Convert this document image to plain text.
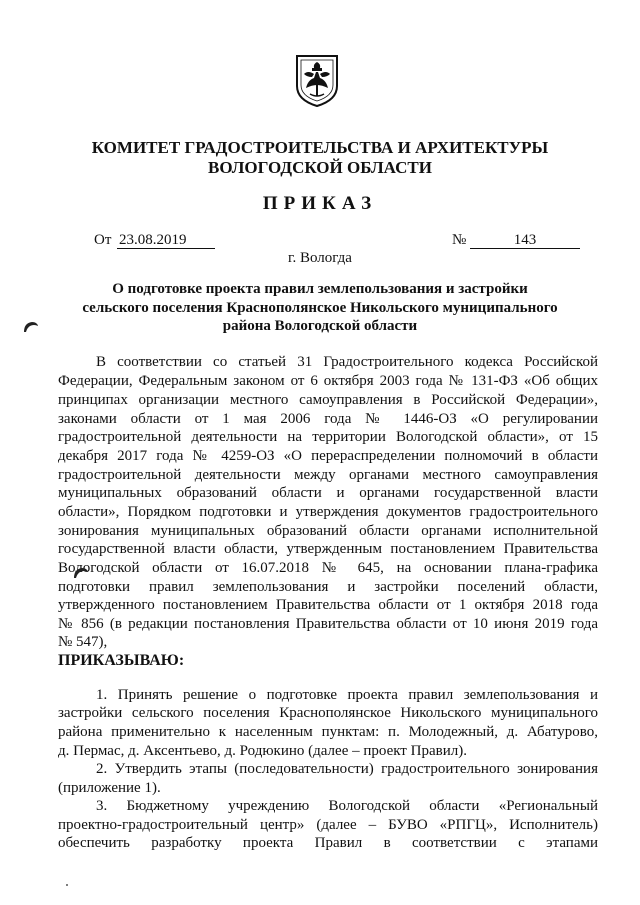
КОМИТЕТ ГРАДОСТРОИТЕЛЬСТВА И АРХИТЕКТУРЫ
ВОЛОГОДСКОЙ ОБЛАСТИ
ПРИКАЗ
От 23.08.2019	№	143
г. Вологда
О подготовке проекта правил землепользования и застройки
сельского поселения Краснополянское Никольского муниципального
района Вологодской области
В соответствии со статьей 31 Градостроительного кодекса Российской
Федерации, Федеральным законом от 6 октября 2003 года № 131-ФЗ «Об общих
принципах организации местного самоуправления в Российской Федерации»,
законами области от 1 мая 2006 года № 1446-ОЗ «О регулировании
градостроительной деятельности на территории Вологодской области», от 15
декабря 2017 года № 4259-ОЗ «О перераспределении полномочий в области
градостроительной деятельности между органами местного самоуправления
муниципальных образований области и органами государственной власти
области», Порядком подготовки и утверждения документов градостроительного
зонирования муниципальных образований области органами исполнительной
государственной власти области, утвержденным постановлением Правительства
Вологодской области от 16.07.2018 № 645, на основании плана-графика
подготовки правил землепользования и застройки поселений области,
утвержденного постановлением Правительства области от 1 октября 2018 года
№ 856 (в редакции постановления Правительства области от 10 июня 2019 года
№ 547),
ПРИКАЗЫВАЮ:
1. Принять решение о подготовке проекта правил землепользования и
застройки сельского поселения Краснополянское Никольского муниципального
района применительно к населенным пунктам: п. Молодежный, д. Абатурово,
д. Пермас, д. Аксентьево, д. Родюкино (далее – проект Правил).
2. Утвердить этапы (последовательности) градостроительного зонирования
(приложение 1).
3. Бюджетному учреждению Вологодской области «Региональный
проектно-градостроительный центр» (далее – БУВО «РПГЦ», Исполнитель)
обеспечить разработку проекта Правил в соответствии с этапами
